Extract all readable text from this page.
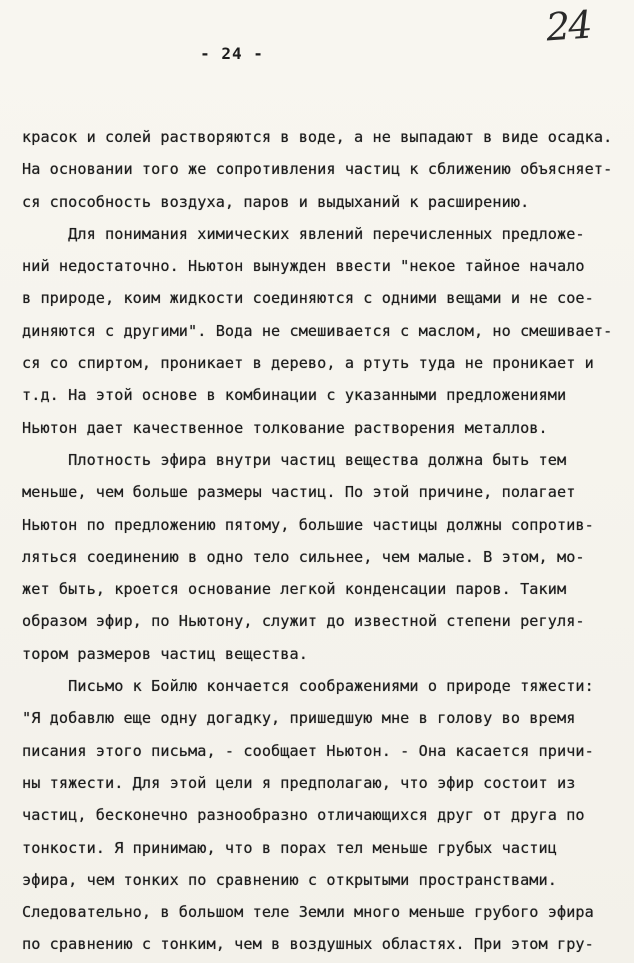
24
- 24 -
красок и солей растворяются в воде, а не выпадают в виде осадка.
На основании того же сопротивления частиц к сближению объясняет-
ся способность воздуха, паров и выдыханий к расширению.
Для понимания химических явлений перечисленных предложе-
ний недостаточно. Ньютон вынужден ввести "некое тайное начало
в природе, коим жидкости соединяются с одними вещами и не сое-
диняются с другими". Вода не смешивается с маслом, но смешивает-
ся со спиртом, проникает в дерево, а ртуть туда не проникает и
т.д. На этой основе в комбинации с указанными предложениями
Ньютон дает качественное толкование растворения металлов.
Плотность эфира внутри частиц вещества должна быть тем
меньше, чем больше размеры частиц. По этой причине, полагает
Ньютон по предложению пятому, большие частицы должны сопротив-
ляться соединению в одно тело сильнее, чем малые. В этом, мо-
жет быть, кроется основание легкой конденсации паров. Таким
образом эфир, по Ньютону, служит до известной степени регуля-
тором размеров частиц вещества.
Письмо к Бойлю кончается соображениями о природе тяжести:
"Я добавлю еще одну догадку, пришедшую мне в голову во время
писания этого письма, - сообщает Ньютон. - Она касается причи-
ны тяжести. Для этой цели я предполагаю, что эфир состоит из
частиц, бесконечно разнообразно отличающихся друг от друга по
тонкости. Я принимаю, что в порах тел меньше грубых частиц
эфира, чем тонких по сравнению с открытыми пространствами.
Следовательно, в большом теле Земли много меньше грубого эфира
по сравнению с тонким, чем в воздушных областях. При этом гру-
